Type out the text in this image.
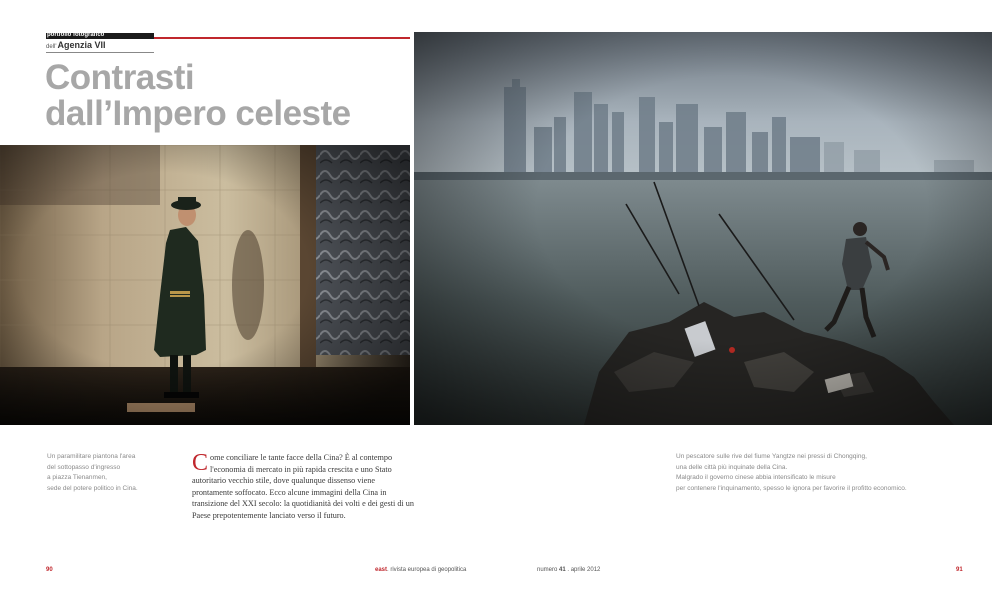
portfolio fotografico
dell'Agenzia VII
Contrasti
dall’Impero celeste
Un paramilitare piantona l'area
del sottopasso d'ingresso
a piazza Tienanmen,
sede del potere politico in Cina.
Come conciliare le tante facce della Cina? È al contempo l'economia di mercato in più rapida crescita e uno Stato autoritario vecchio stile, dove qualunque dissenso viene prontamente soffocato. Ecco alcune immagini della Cina in transizione del XXI secolo: la quotidianità dei volti e dei gesti di un Paese prepotentemente lanciato verso il futuro.
Un pescatore sulle rive del fiume Yangtze nei pressi di Chongqing,
una delle città più inquinate della Cina.
Malgrado il governo cinese abbia intensificato le misure
per contenere l'inquinamento, spesso le ignora per favorire il profitto economico.
90	east. rivista europea di geopolitica	numero 41 . aprile 2012	91
